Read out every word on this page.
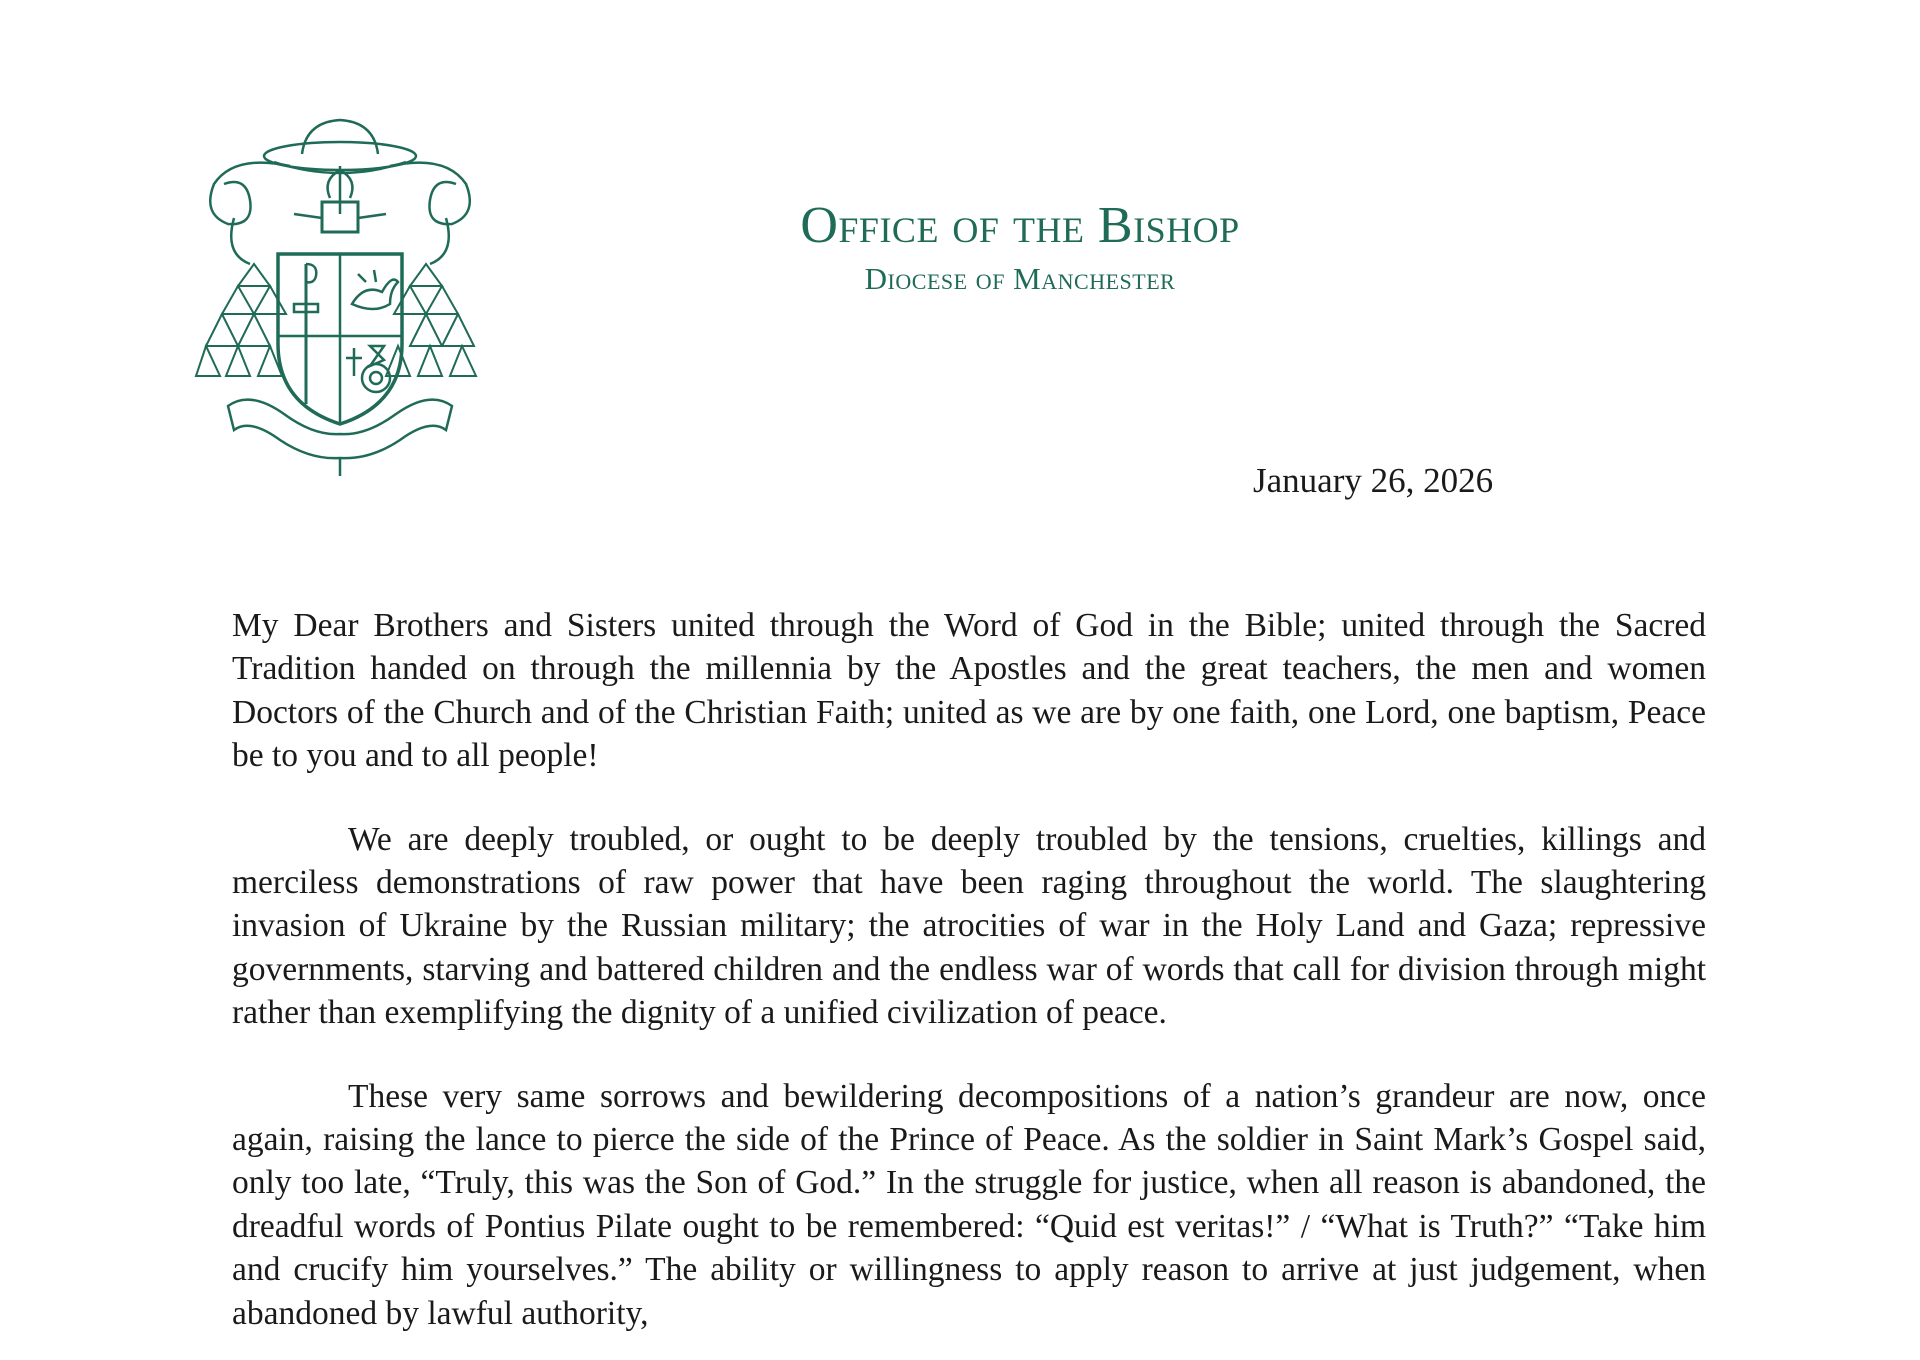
Office of the Bishop
Diocese of Manchester
January 26, 2026

My Dear Brothers and Sisters united through the Word of God in the Bible; united through the Sacred Tradition handed on through the millennia by the Apostles and the great teachers, the men and women Doctors of the Church and of the Christian Faith; united as we are by one faith, one Lord, one baptism, Peace be to you and to all people!

We are deeply troubled, or ought to be deeply troubled by the tensions, cruelties, killings and merciless demonstrations of raw power that have been raging throughout the world. The slaughtering invasion of Ukraine by the Russian military; the atrocities of war in the Holy Land and Gaza; repressive governments, starving and battered children and the endless war of words that call for division through might rather than exemplifying the dignity of a unified civilization of peace.

These very same sorrows and bewildering decompositions of a nation’s grandeur are now, once again, raising the lance to pierce the side of the Prince of Peace. As the soldier in Saint Mark’s Gospel said, only too late, “Truly, this was the Son of God.” In the struggle for justice, when all reason is abandoned, the dreadful words of Pontius Pilate ought to be remembered: “Quid est veritas!” / “What is Truth?” “Take him and crucify him yourselves.” The ability or willingness to apply reason to arrive at just judgement, when abandoned by lawful authority,
